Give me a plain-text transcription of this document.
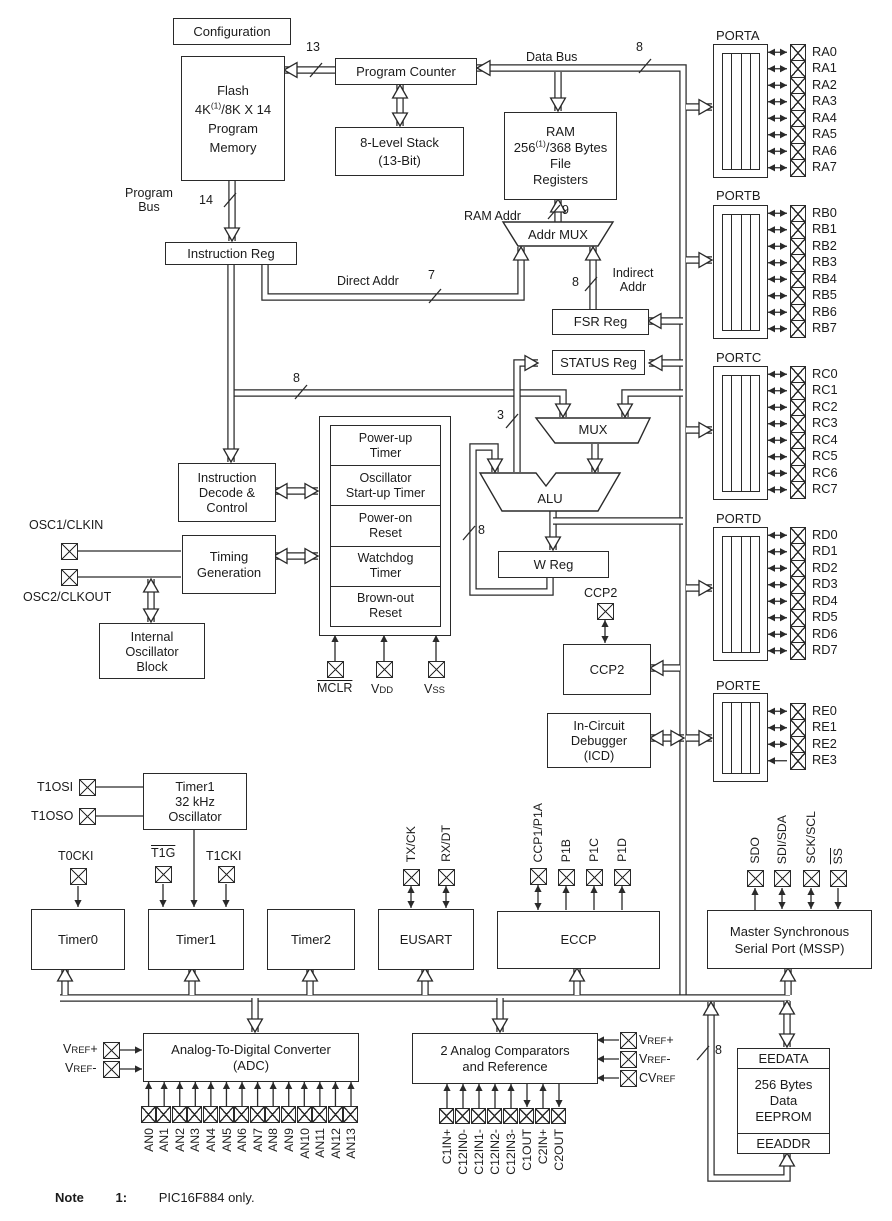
Configuration
Flash
4K$^{(1)}$/8K X 14
Program
Memory
Program Counter
8-Level Stack
(13-Bit)
Instruction Reg
RAM
256$^{(1)}$/368 Bytes
File
Registers
Addr MUX
FSR Reg
STATUS Reg
MUX
ALU
W Reg
Instruction
Decode &
Control
Timing
Generation
Internal
Oscillator
Block
Power-up
Timer
Oscillator
Start-up Timer
Power-on
Reset
Watchdog
Timer
Brown-out
Reset
Timer1
32 kHz
Oscillator
Timer0	Timer1	Timer2	EUSART	ECCP
Master Synchronous
Serial Port (MSSP)
CCP2
In-Circuit
Debugger
(ICD)
Analog-To-Digital Converter
(ADC)
2 Analog Comparators
and Reference
EEDATA
256 Bytes
Data
EEPROM
EEADDR
PORTA
RA0
RA1
RA2
RA3
RA4
RA5
RA6
RA7
PORTB
RB0
RB1
RB2
RB3
RB4
RB5
RB6
RB7
PORTC
RC0
RC1
RC2
RC3
RC4
RC5
RC6
RC7
PORTD
RD0
RD1
RD2
RD3
RD4
RD5
RD6
RD7
PORTE
RE0
RE1
RE2
RE3
Program
Bus
Data Bus
RAM Addr
Direct Addr
Indirect
Addr
13
14
8
9
7	8
8
3
8
8
OSC1/CLKIN
OSC2/CLKOUT
T1OSI
T1OSO
T0CKI	T1G T1CKI
MCLR VDD VSS
CCP2
TX/CK RX/DT	CCP1/P1A P1B P1C P1D	SDO SDI/SDA SCK/SCL SS
VREF+
VREF-
VREF+
VREF-
CVREF
AN0 AN1 AN2 AN3 AN4 AN5 AN6 AN7 AN8 AN9 AN10 AN11 AN12 AN13	C1IN+ C12IN0- C12IN1- C12IN2- C12IN3- C1OUT C2IN+ C2OUT
Note 1: PIC16F884 only.
